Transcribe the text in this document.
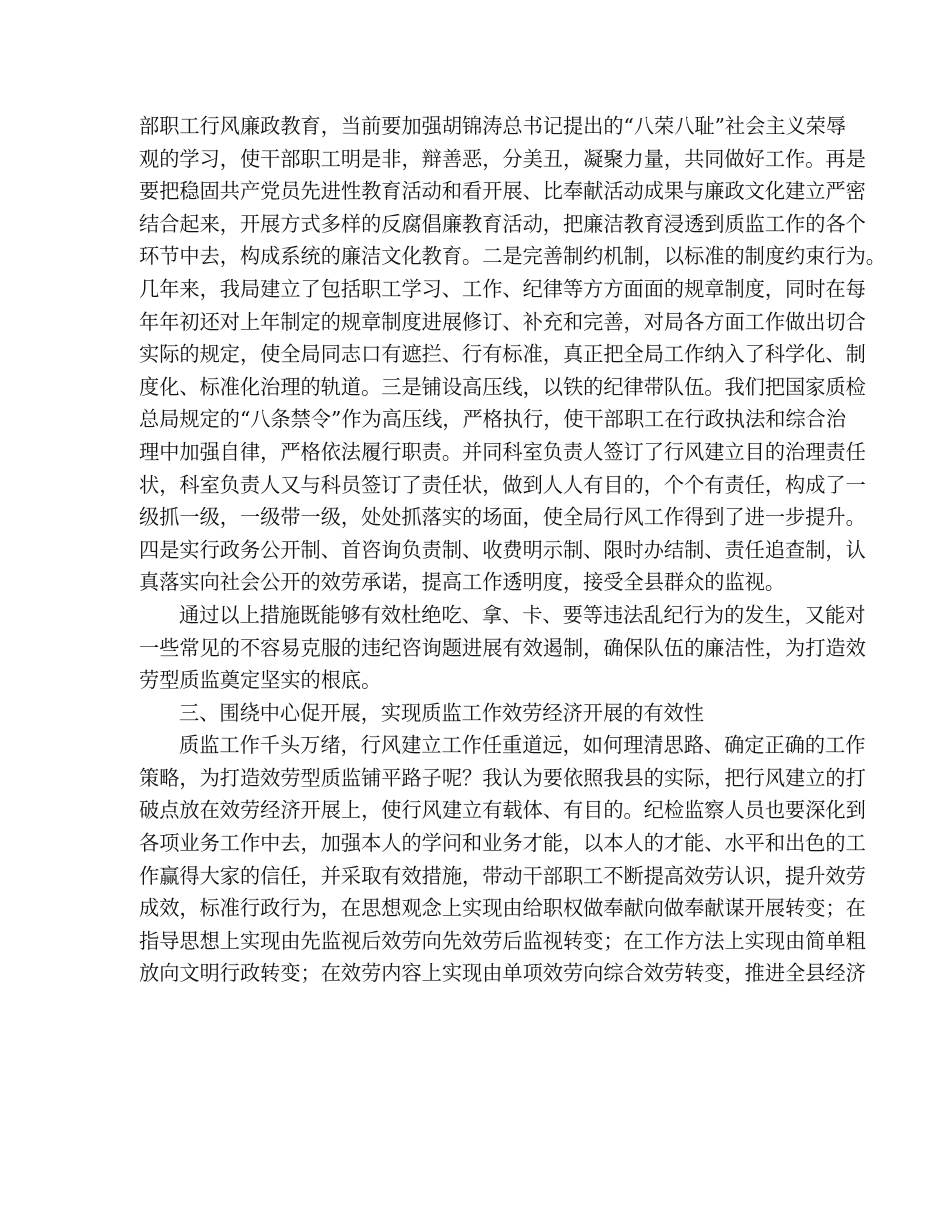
部职工行风廉政教育，当前要加强胡锦涛总书记提出的“八荣八耻”社会主义荣辱
观的学习，使干部职工明是非，辩善恶，分美丑，凝聚力量，共同做好工作。再是
要把稳固共产党员先进性教育活动和看开展、比奉献活动成果与廉政文化建立严密
结合起来，开展方式多样的反腐倡廉教育活动，把廉洁教育浸透到质监工作的各个
环节中去，构成系统的廉洁文化教育。二是完善制约机制，以标准的制度约束行为。
几年来，我局建立了包括职工学习、工作、纪律等方方面面的规章制度，同时在每
年年初还对上年制定的规章制度进展修订、补充和完善，对局各方面工作做出切合
实际的规定，使全局同志口有遮拦、行有标准，真正把全局工作纳入了科学化、制
度化、标准化治理的轨道。三是铺设高压线，以铁的纪律带队伍。我们把国家质检
总局规定的“八条禁令”作为高压线，严格执行，使干部职工在行政执法和综合治
理中加强自律，严格依法履行职责。并同科室负责人签订了行风建立目的治理责任
状，科室负责人又与科员签订了责任状，做到人人有目的，个个有责任，构成了一
级抓一级，一级带一级，处处抓落实的场面，使全局行风工作得到了进一步提升。
四是实行政务公开制、首咨询负责制、收费明示制、限时办结制、责任追查制，认
真落实向社会公开的效劳承诺，提高工作透明度，接受全县群众的监视。
通过以上措施既能够有效杜绝吃、拿、卡、要等违法乱纪行为的发生，又能对
一些常见的不容易克服的违纪咨询题进展有效遏制，确保队伍的廉洁性，为打造效
劳型质监奠定坚实的根底。
三、围绕中心促开展，实现质监工作效劳经济开展的有效性
质监工作千头万绪，行风建立工作任重道远，如何理清思路、确定正确的工作
策略，为打造效劳型质监铺平路子呢？我认为要依照我县的实际，把行风建立的打
破点放在效劳经济开展上，使行风建立有载体、有目的。纪检监察人员也要深化到
各项业务工作中去，加强本人的学问和业务才能，以本人的才能、水平和出色的工
作赢得大家的信任，并采取有效措施，带动干部职工不断提高效劳认识，提升效劳
成效，标准行政行为，在思想观念上实现由给职权做奉献向做奉献谋开展转变；在
指导思想上实现由先监视后效劳向先效劳后监视转变；在工作方法上实现由简单粗
放向文明行政转变；在效劳内容上实现由单项效劳向综合效劳转变，推进全县经济
